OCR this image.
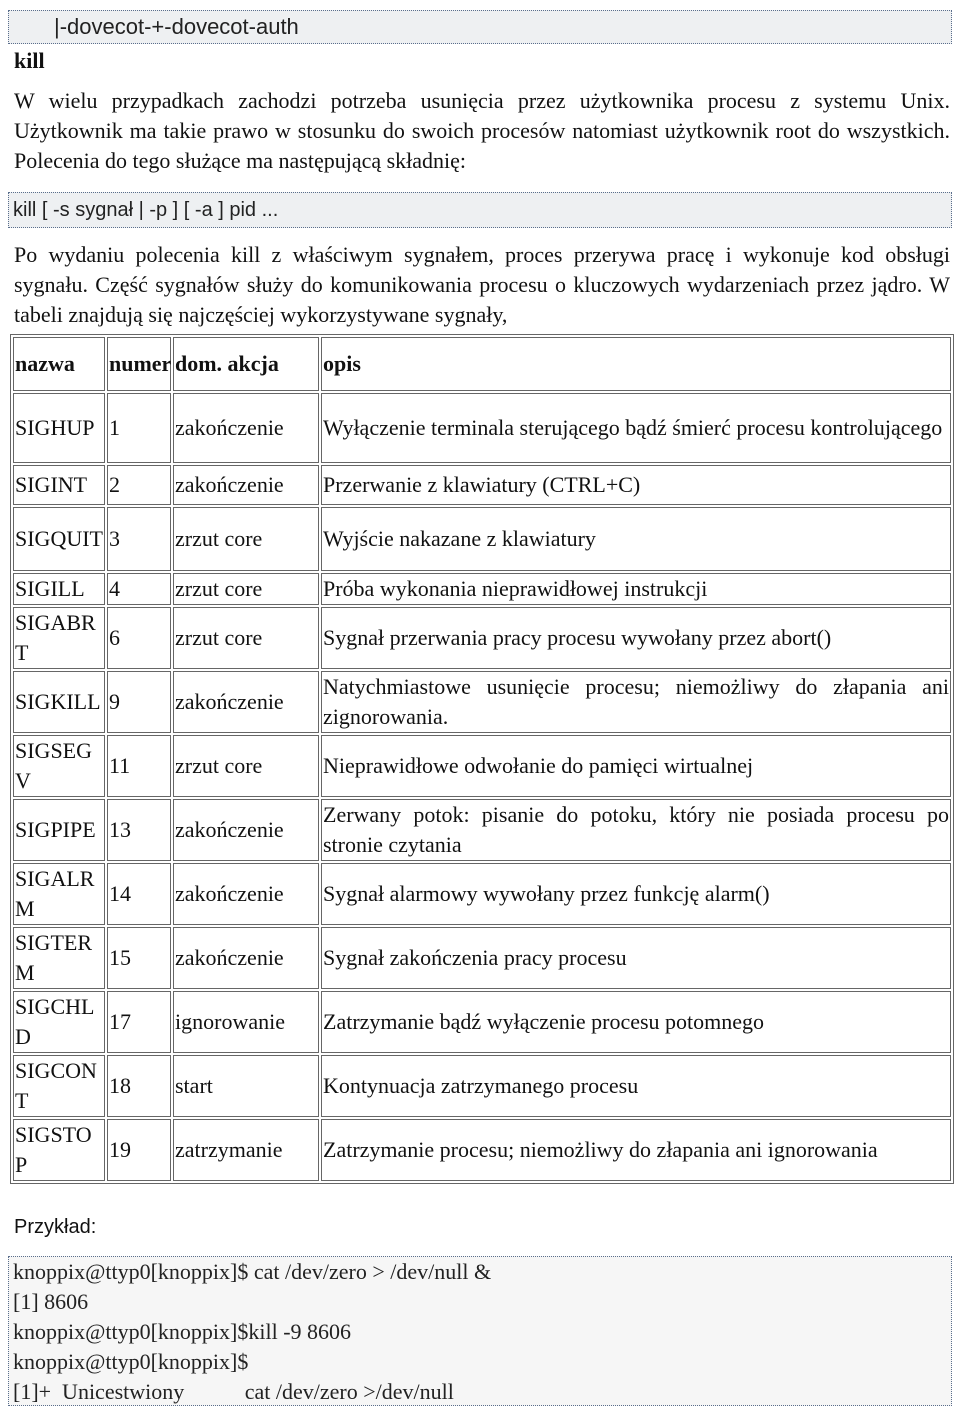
|-dovecot-+-dovecot-auth
kill

W wielu przypadkach zachodzi potrzeba usunięcia przez użytkownika procesu z systemu Unix. Użytkownik ma takie prawo w stosunku do swoich procesów natomiast użytkownik root do wszystkich. Polecenia do tego służące ma następującą składnię:

kill [ -s sygnał | -p ] [ -a ] pid ...

Po wydaniu polecenia kill z właściwym sygnałem, proces przerywa pracę i wykonuje kod obsługi sygnału. Część sygnałów służy do komunikowania procesu o kluczowych wydarzeniach przez jądro. W tabeli znajdują się najczęściej wykorzystywane sygnały,

nazwa	numer	dom. akcja	opis
SIGHUP	1	zakończenie	Wyłączenie terminala sterującego bądź śmierć procesu kontrolującego
SIGINT	2	zakończenie	Przerwanie z klawiatury (CTRL+C)
SIGQUIT	3	zrzut core	Wyjście nakazane z klawiatury
SIGILL	4	zrzut core	Próba wykonania nieprawidłowej instrukcji
SIGABRT	6	zrzut core	Sygnał przerwania pracy procesu wywołany przez abort()
SIGKILL	9	zakończenie	Natychmiastowe usunięcie procesu; niemożliwy do złapania ani zignorowania.
SIGSEGV	11	zrzut core	Nieprawidłowe odwołanie do pamięci wirtualnej
SIGPIPE	13	zakończenie	Zerwany potok: pisanie do potoku, który nie posiada procesu po stronie czytania
SIGALRM	14	zakończenie	Sygnał alarmowy wywołany przez funkcję alarm()
SIGTERM	15	zakończenie	Sygnał zakończenia pracy procesu
SIGCHLD	17	ignorowanie	Zatrzymanie bądź wyłączenie procesu potomnego
SIGCONT	18	start	Kontynuacja zatrzymanego procesu
SIGSTOP	19	zatrzymanie	Zatrzymanie procesu; niemożliwy do złapania ani ignorowania
Przykład:
knoppix@ttyp0[knoppix]$ cat /dev/zero > /dev/null &
[1] 8606
knoppix@ttyp0[knoppix]$kill -9 8606
knoppix@ttyp0[knoppix]$
[1]+  Unicestwiony           cat /dev/zero >/dev/null
